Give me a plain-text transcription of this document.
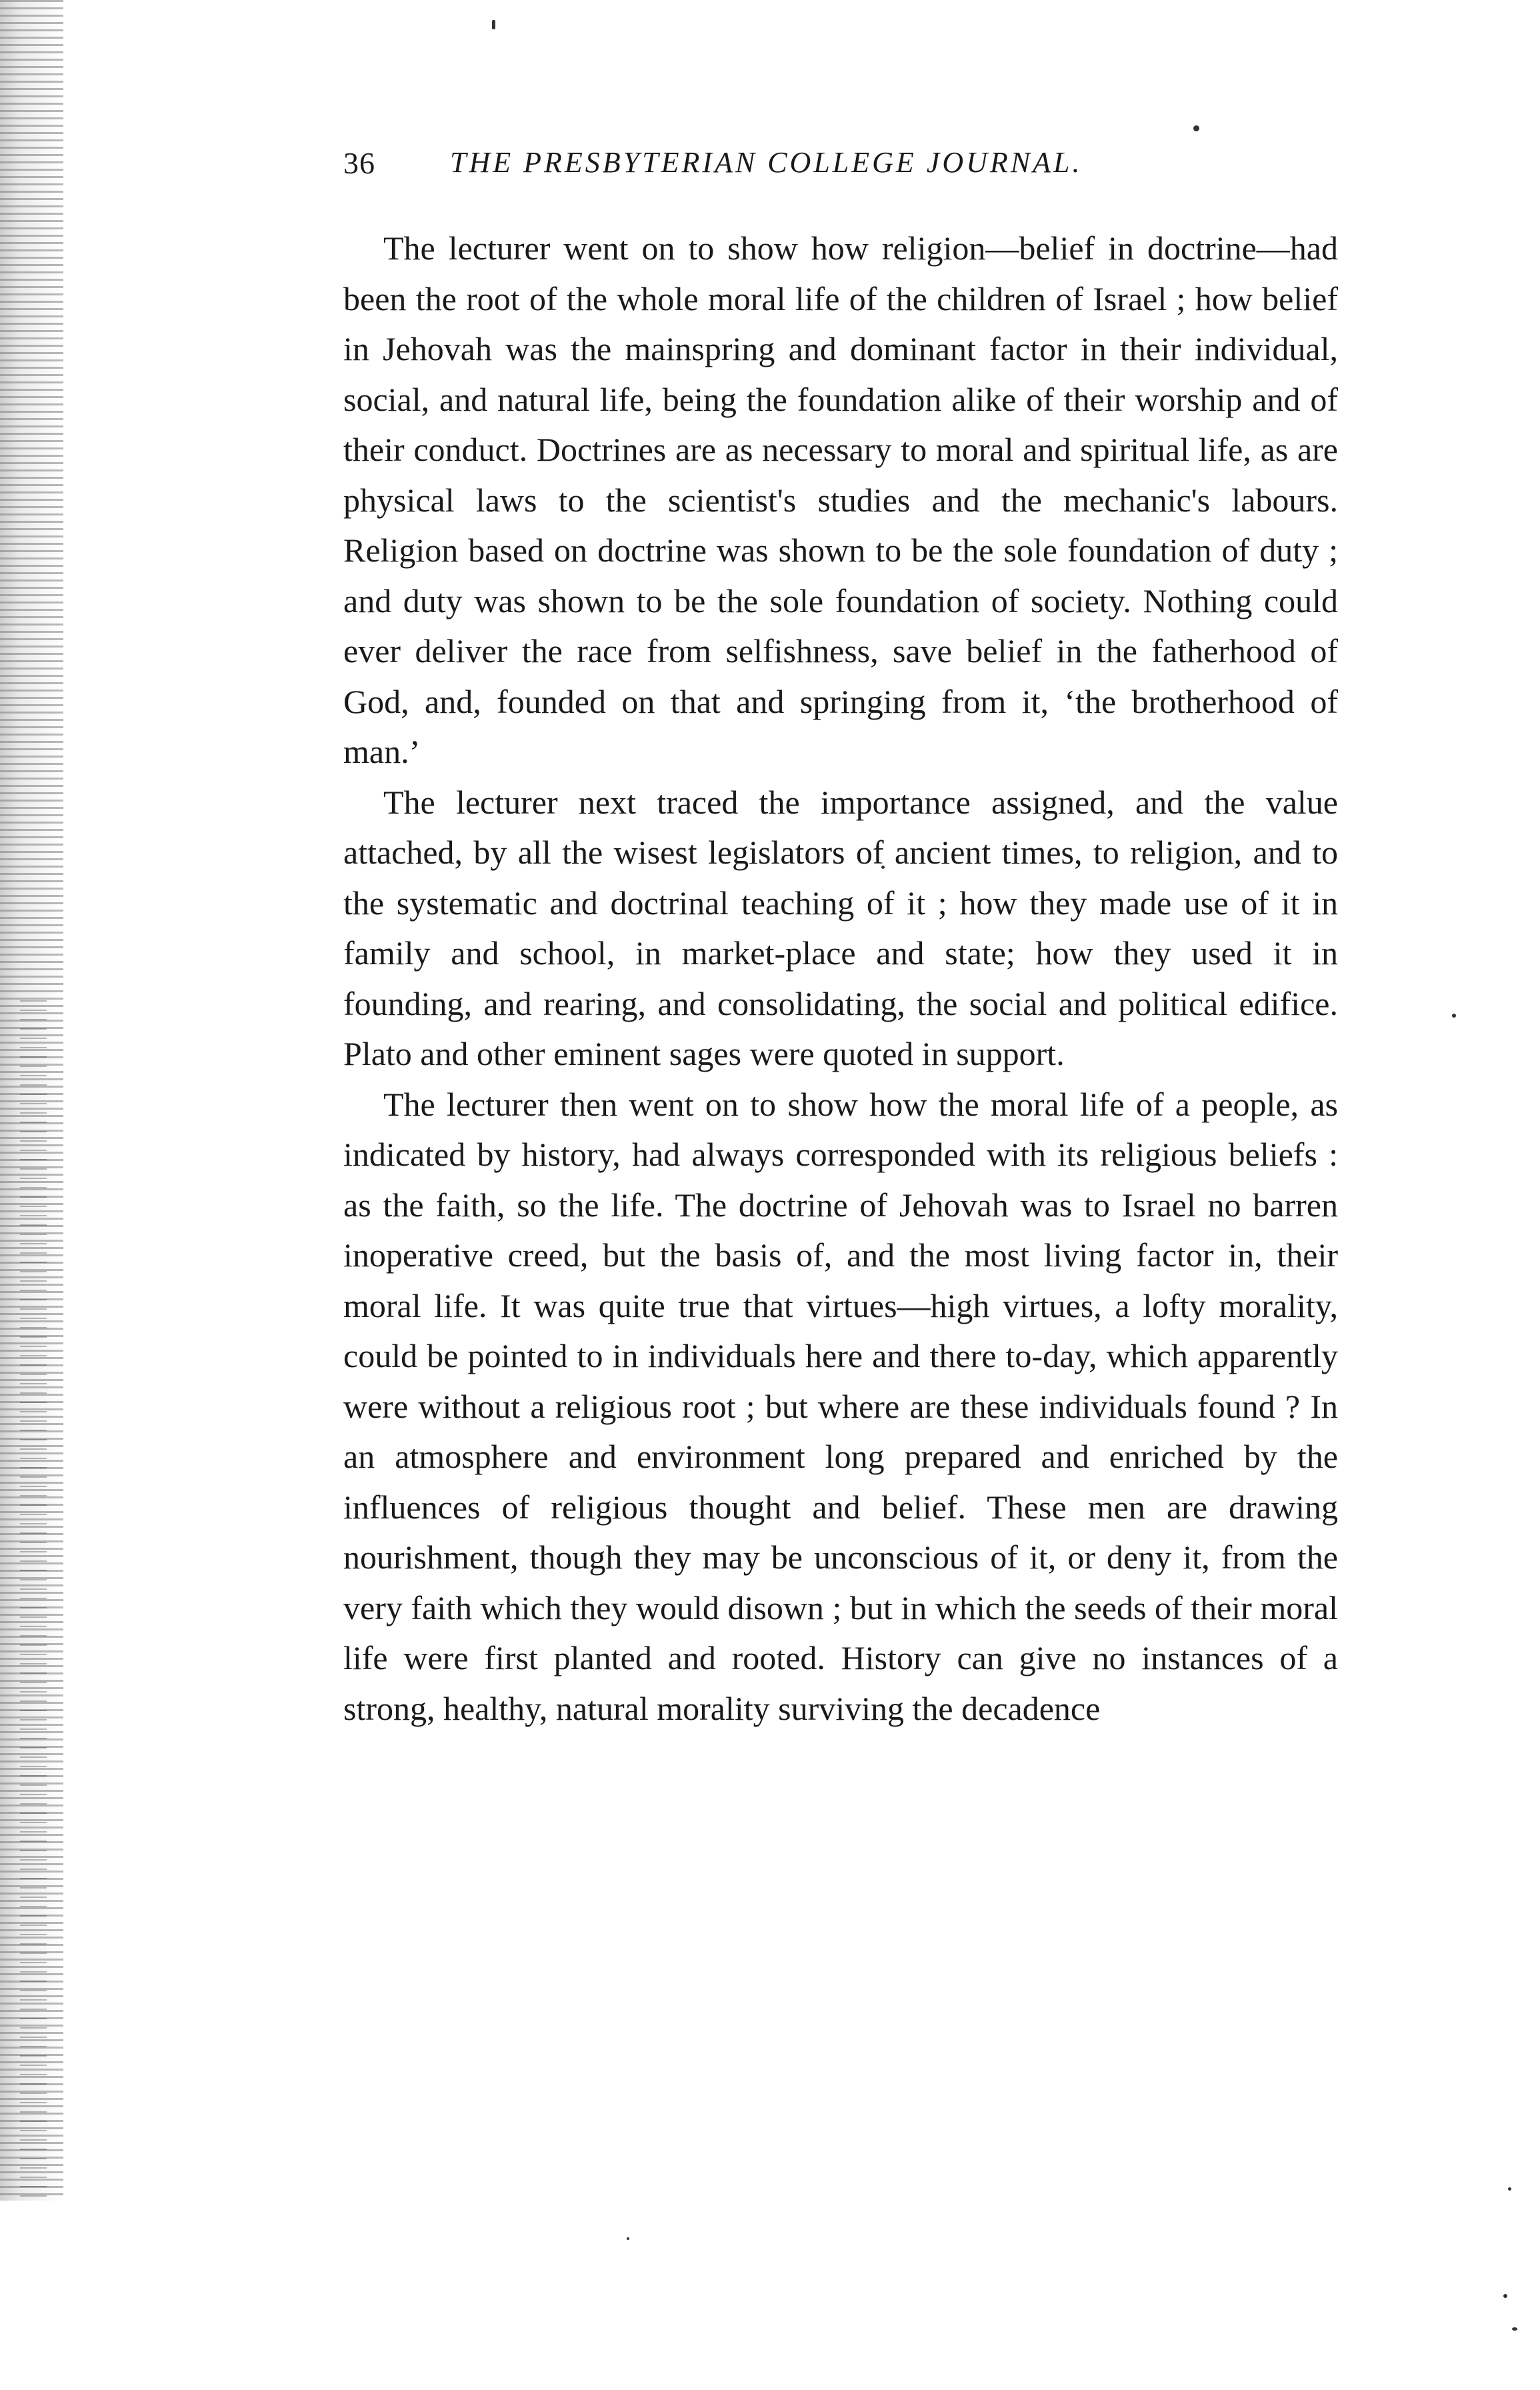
36	THE PRESBYTERIAN COLLEGE JOURNAL.

The lecturer went on to show how religion—belief in doctrine—had been the root of the whole moral life of the children of Israel ; how belief in Jehovah was the mainspring and dominant factor in their individual, social, and natural life, being the foundation alike of their worship and of their conduct. Doctrines are as necessary to moral and spiritual life, as are physical laws to the scientist's studies and the mechanic's labours. Religion based on doctrine was shown to be the sole foundation of duty ; and duty was shown to be the sole foundation of society. Nothing could ever deliver the race from selfishness, save belief in the fatherhood of God, and, founded on that and springing from it, ‘the brotherhood of man.’

The lecturer next traced the importance assigned, and the value attached, by all the wisest legislators of ancient times, to religion, and to the systematic and doctrinal teaching of it ; how they made use of it in family and school, in market-place and state; how they used it in founding, and rearing, and consolidating, the social and political edifice. Plato and other eminent sages were quoted in support.

The lecturer then went on to show how the moral life of a people, as indicated by history, had always corresponded with its religious beliefs : as the faith, so the life. The doctrine of Jehovah was to Israel no barren inoperative creed, but the basis of, and the most living factor in, their moral life. It was quite true that virtues—high virtues, a lofty morality, could be pointed to in individuals here and there to-day, which apparently were without a religious root ; but where are these individuals found ? In an atmosphere and environment long prepared and enriched by the influences of religious thought and belief. These men are drawing nourishment, though they may be unconscious of it, or deny it, from the very faith which they would disown ; but in which the seeds of their moral life were first planted and rooted. History can give no instances of a strong, healthy, natural morality surviving the decadence
